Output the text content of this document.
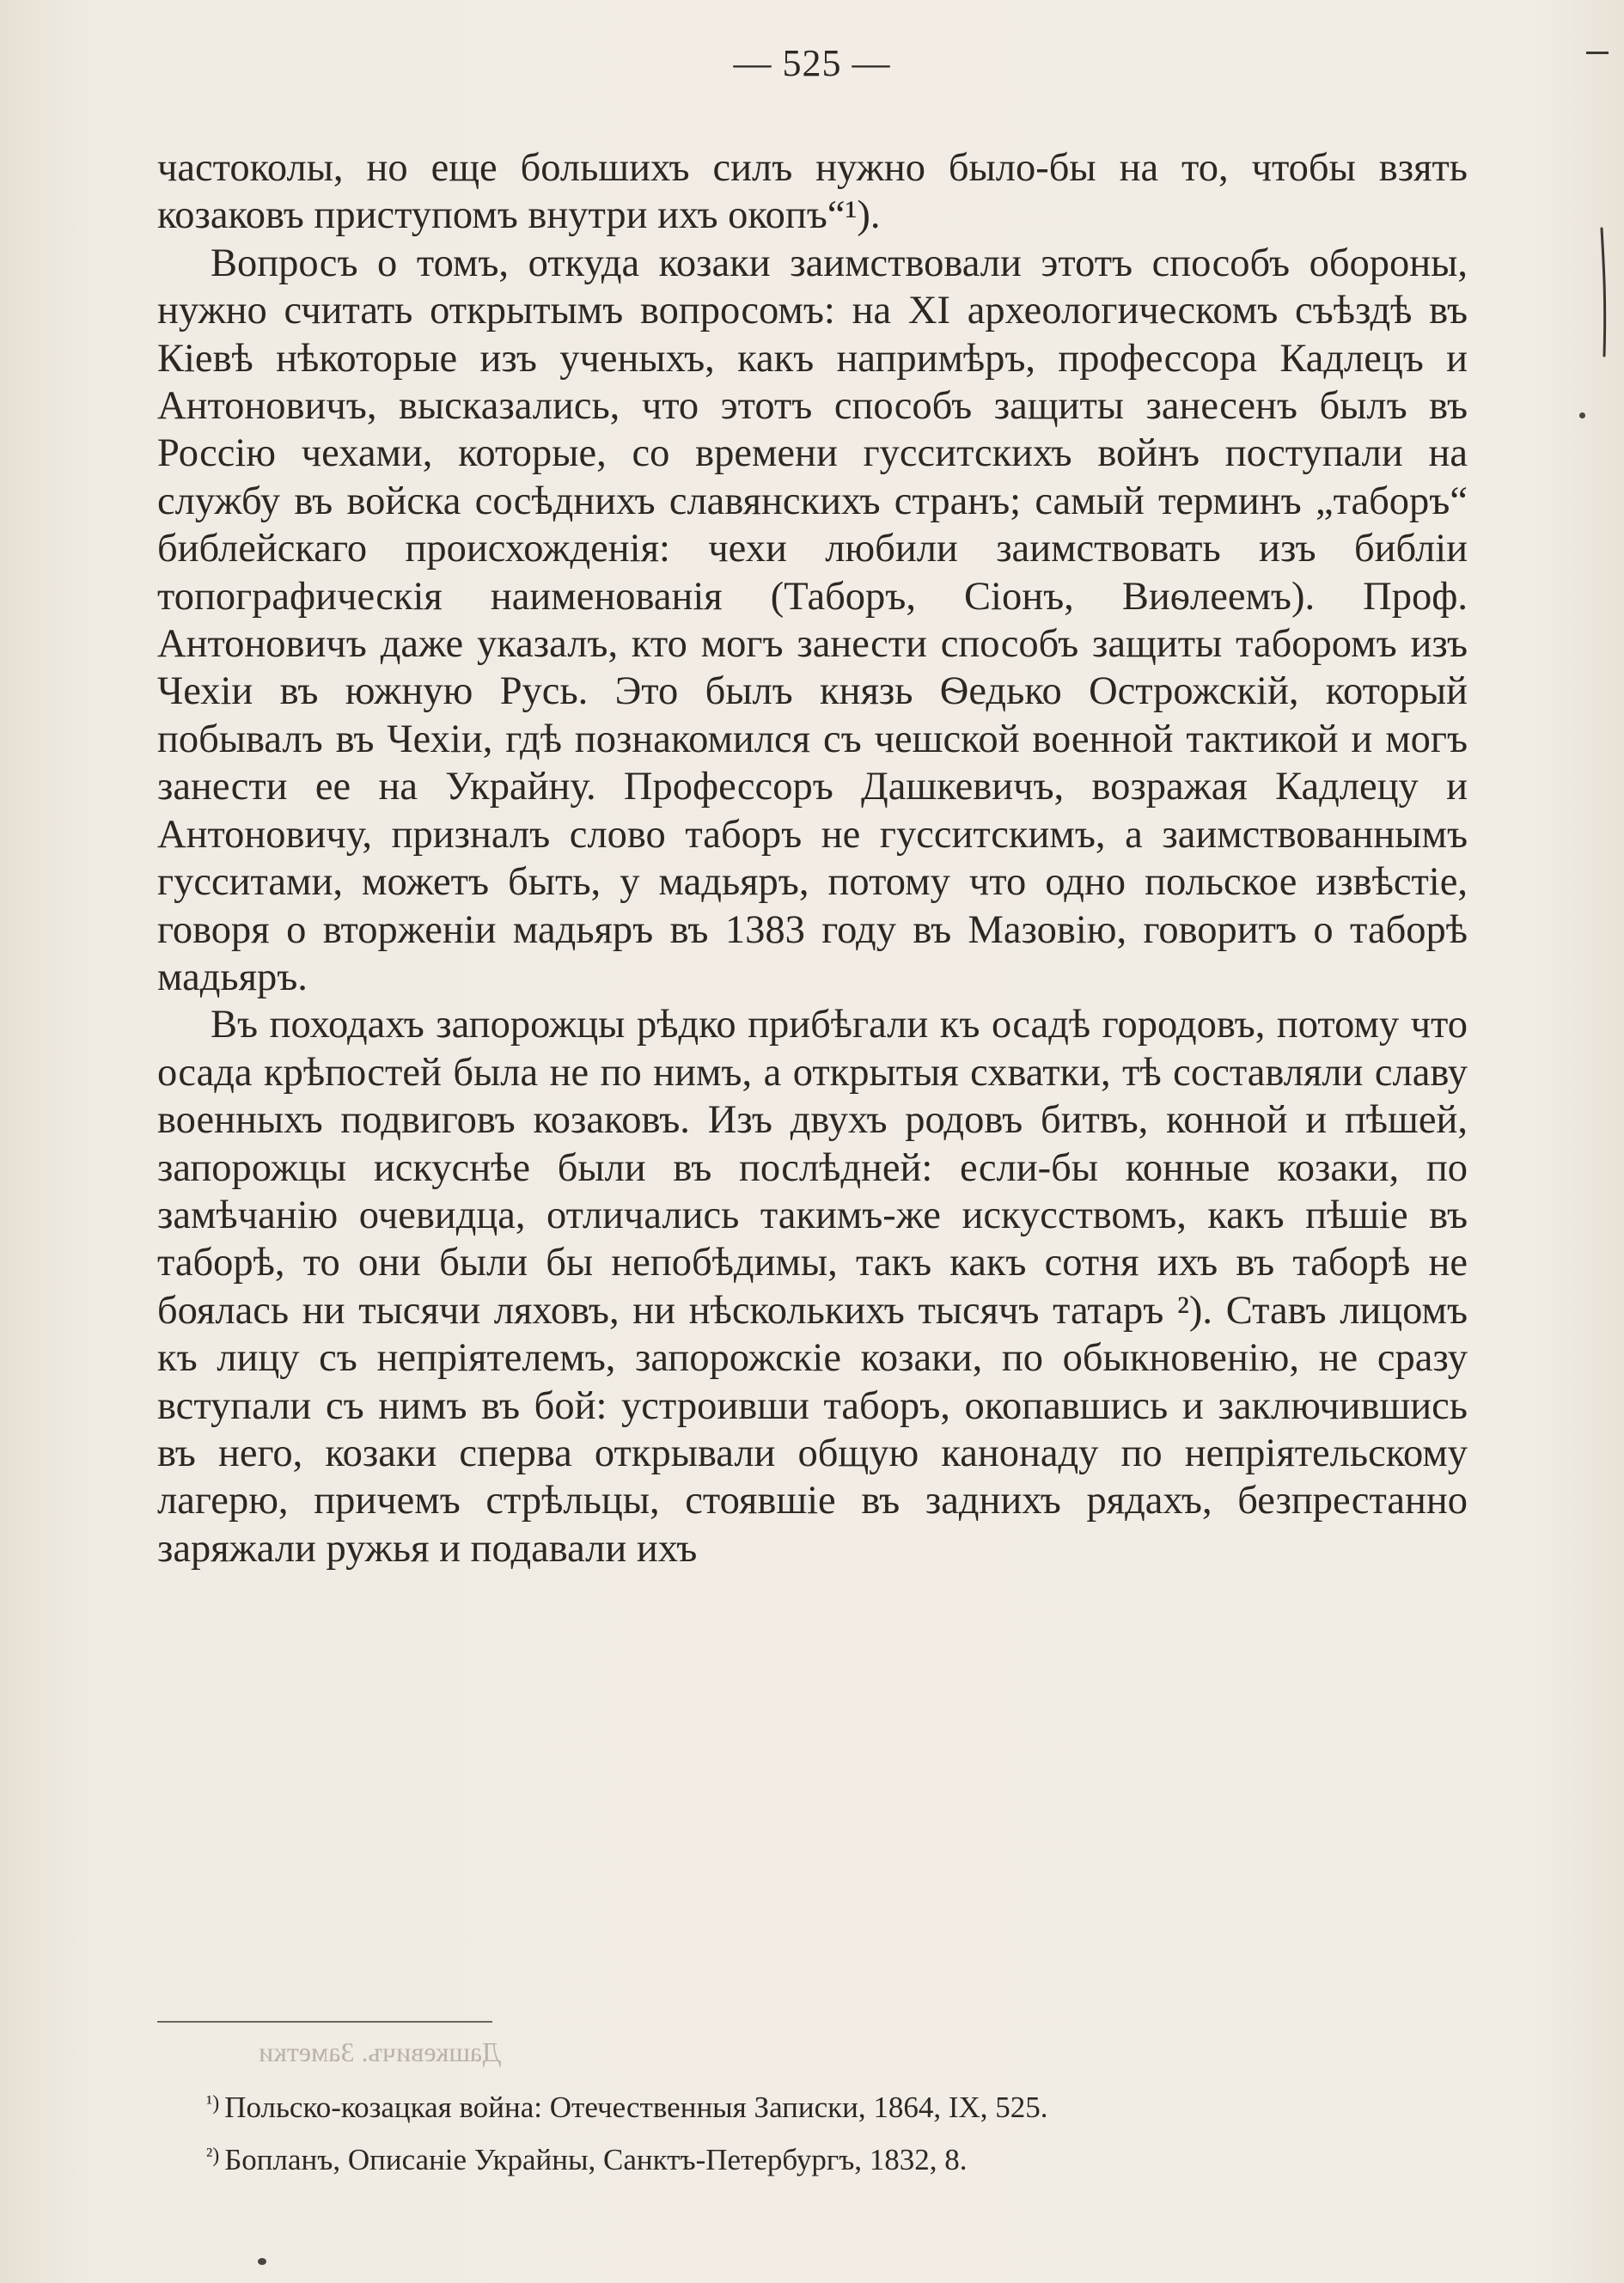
— 525 —

частоколы, но еще большихъ силъ нужно было-бы на то, чтобы взять козаковъ приступомъ внутри ихъ окопъ“¹).

Вопросъ о томъ, откуда козаки заимствовали этотъ способъ обороны, нужно считать открытымъ вопросомъ: на XI археологическомъ съѣздѣ въ Кіевѣ нѣкоторые изъ ученыхъ, какъ напримѣръ, профессора Кадлецъ и Антоновичъ, высказались, что этотъ способъ защиты занесенъ былъ въ Россію чехами, которые, со времени гусситскихъ войнъ поступали на службу въ войска сосѣднихъ славянскихъ странъ; самый терминъ „таборъ“ библейскаго происхожденія: чехи любили заимствовать изъ библіи топографическія наименованія (Таборъ, Сіонъ, Виѳлеемъ). Проф. Антоновичъ даже указалъ, кто могъ занести способъ защиты таборомъ изъ Чехіи въ южную Русь. Это былъ князь Ѳедько Острожскій, который побывалъ въ Чехіи, гдѣ познакомился съ чешской военной тактикой и могъ занести ее на Украйну. Профессоръ Дашкевичъ, возражая Кадлецу и Антоновичу, призналъ слово таборъ не гусситскимъ, а заимствованнымъ гусситами, можетъ быть, у мадьяръ, потому что одно польское извѣстіе, говоря о вторженіи мадьяръ въ 1383 году въ Мазовію, говоритъ о таборѣ мадьяръ.

Въ походахъ запорожцы рѣдко прибѣгали къ осадѣ городовъ, потому что осада крѣпостей была не по нимъ, а открытыя схватки, тѣ составляли славу военныхъ подвиговъ козаковъ. Изъ двухъ родовъ битвъ, конной и пѣшей, запорожцы искуснѣе были въ послѣдней: если-бы конные козаки, по замѣчанію очевидца, отличались такимъ-же искусствомъ, какъ пѣшіе въ таборѣ, то они были бы непобѣдимы, такъ какъ сотня ихъ въ таборѣ не боялась ни тысячи ляховъ, ни нѣсколькихъ тысячъ татаръ ²). Ставъ лицомъ къ лицу съ непріятелемъ, запорожскіе козаки, по обыкновенію, не сразу вступали съ нимъ въ бой: устроивши таборъ, окопавшись и заключившись въ него, козаки сперва открывали общую канонаду по непріятельскому лагерю, причемъ стрѣльцы, стоявшіе въ заднихъ рядахъ, безпрестанно заряжали ружья и подавали ихъ

Дашкевичъ. Заметки
$^{^1)}$ Польско-козацкая война: Отечественныя Записки, 1864, IX, 525.
$^{^2)}$ Бопланъ, Описаніе Украйны, Санктъ-Петербургъ, 1832, 8.
